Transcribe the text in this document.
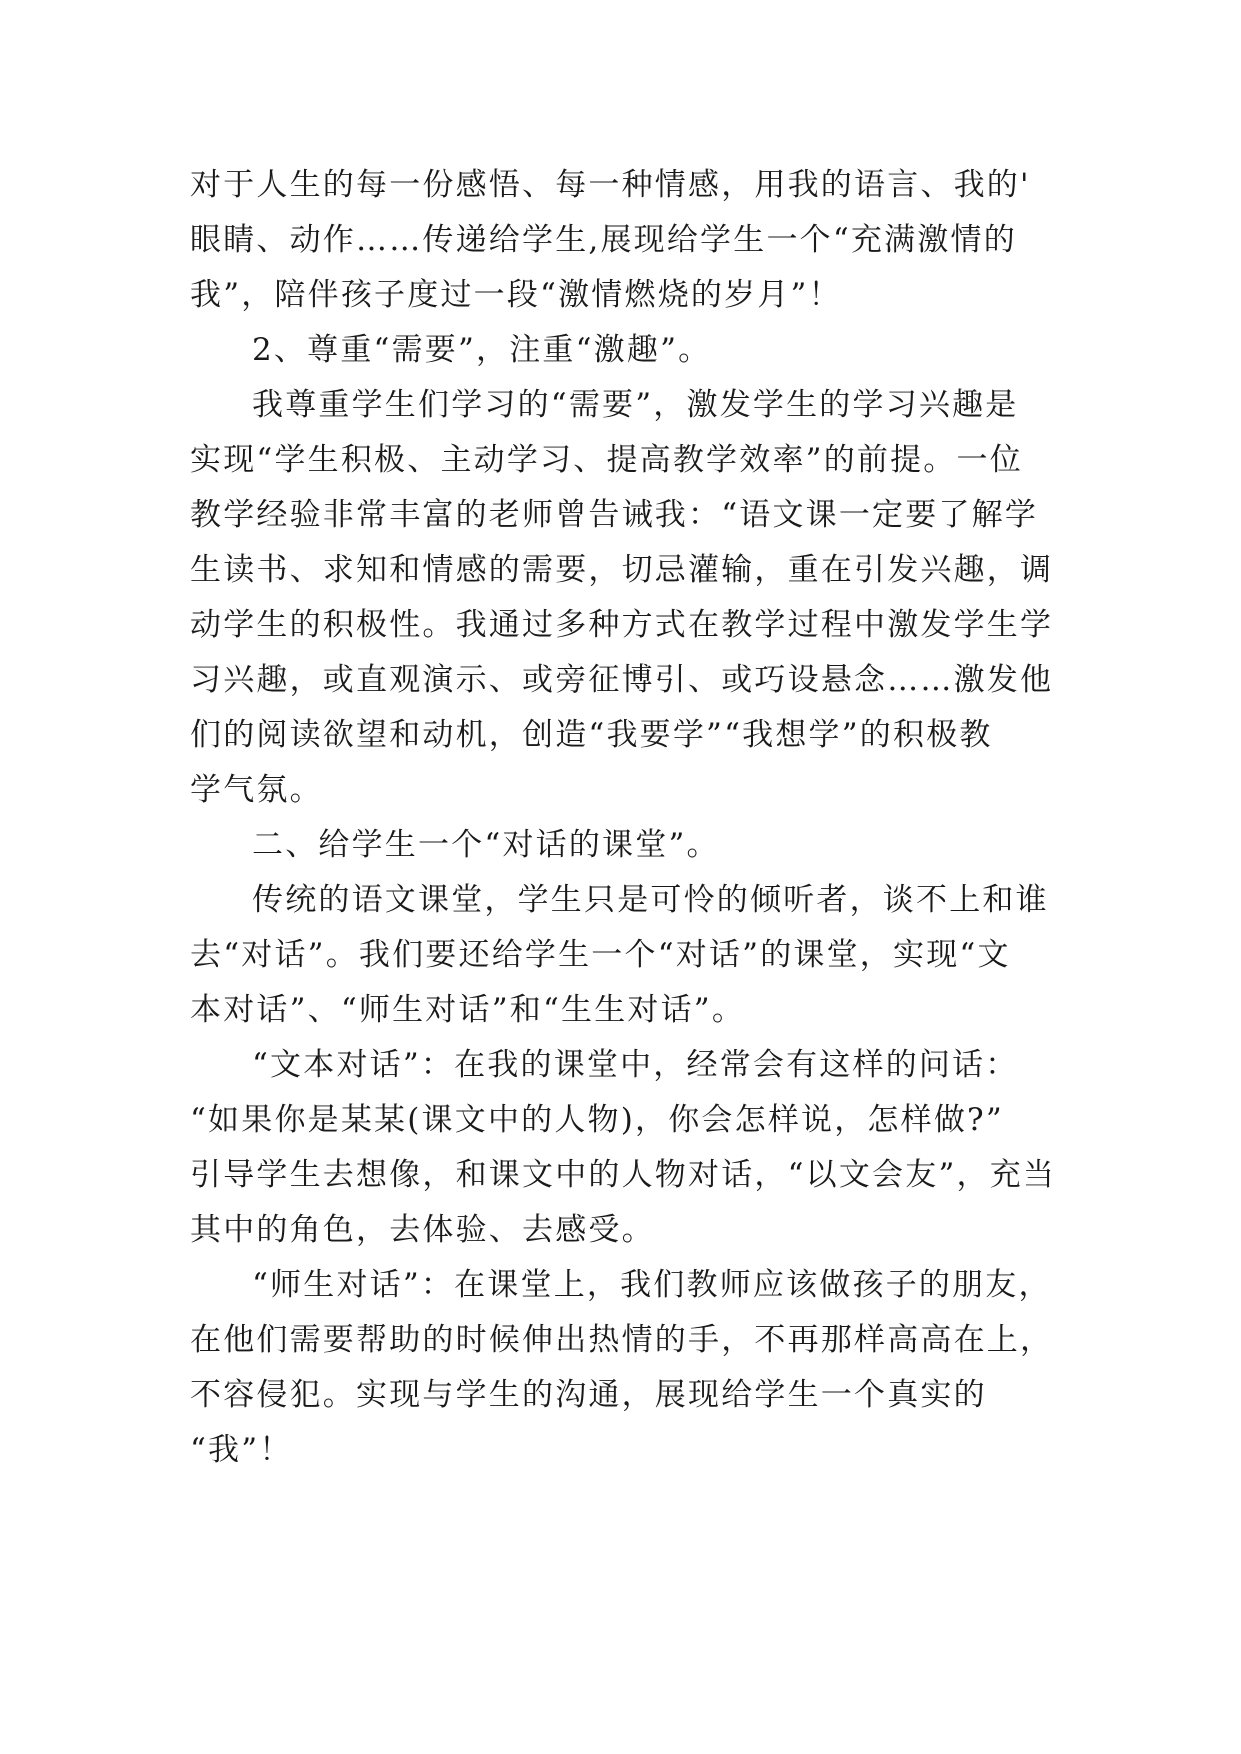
对于人生的每一份感悟、每一种情感，用我的语言、我的'
眼睛、动作……传递给学生,展现给学生一个“充满激情的
我”，陪伴孩子度过一段“激情燃烧的岁月”！
2、尊重“需要”，注重“激趣”。
我尊重学生们学习的“需要”，激发学生的学习兴趣是
实现“学生积极、主动学习、提高教学效率”的前提。一位
教学经验非常丰富的老师曾告诫我：“语文课一定要了解学
生读书、求知和情感的需要，切忌灌输，重在引发兴趣，调
动学生的积极性。我通过多种方式在教学过程中激发学生学
习兴趣，或直观演示、或旁征博引、或巧设悬念……激发他
们的阅读欲望和动机，创造“我要学”“我想学”的积极教
学气氛。
二、给学生一个“对话的课堂”。
传统的语文课堂，学生只是可怜的倾听者，谈不上和谁
去“对话”。我们要还给学生一个“对话”的课堂，实现“文
本对话”、“师生对话”和“生生对话”。
“文本对话”：在我的课堂中，经常会有这样的问话：
“如果你是某某(课文中的人物)，你会怎样说，怎样做?”
引导学生去想像，和课文中的人物对话，“以文会友”，充当
其中的角色，去体验、去感受。
“师生对话”：在课堂上，我们教师应该做孩子的朋友，
在他们需要帮助的时候伸出热情的手，不再那样高高在上，
不容侵犯。实现与学生的沟通，展现给学生一个真实的
“我”！
